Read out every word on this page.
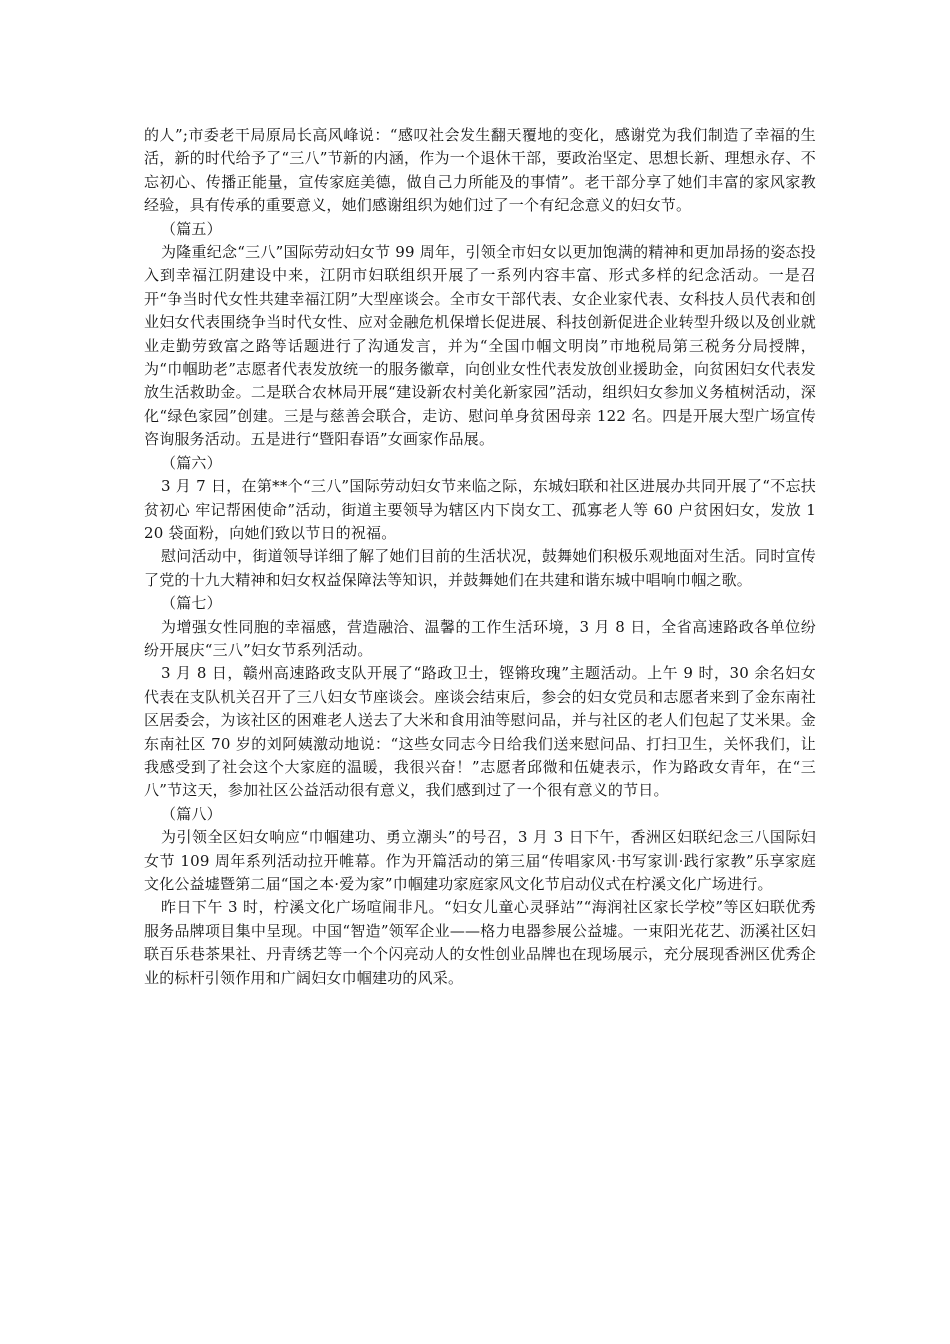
的人”;市委老干局原局长高风峰说：“感叹社会发生翻天覆地的变化，感谢党为我们制造了幸福的生活，新的时代给予了“三八”节新的内涵，作为一个退休干部，要政治坚定、思想长新、理想永存、不忘初心、传播正能量，宣传家庭美德，做自己力所能及的事情”。老干部分享了她们丰富的家风家教经验，具有传承的重要意义，她们感谢组织为她们过了一个有纪念意义的妇女节。

（篇五）

为隆重纪念“三八”国际劳动妇女节 99 周年，引领全市妇女以更加饱满的精神和更加昂扬的姿态投入到幸福江阴建设中来，江阴市妇联组织开展了一系列内容丰富、形式多样的纪念活动。一是召开“争当时代女性共建幸福江阴”大型座谈会。全市女干部代表、女企业家代表、女科技人员代表和创业妇女代表围绕争当时代女性、应对金融危机保增长促进展、科技创新促进企业转型升级以及创业就业走勤劳致富之路等话题进行了沟通发言，并为“全国巾帼文明岗”市地税局第三税务分局授牌，为“巾帼助老”志愿者代表发放统一的服务徽章，向创业女性代表发放创业援助金，向贫困妇女代表发放生活救助金。二是联合农林局开展“建设新农村美化新家园”活动，组织妇女参加义务植树活动，深化“绿色家园”创建。三是与慈善会联合，走访、慰问单身贫困母亲 122 名。四是开展大型广场宣传咨询服务活动。五是进行“暨阳春语”女画家作品展。

（篇六）

3 月 7 日，在第**个“三八”国际劳动妇女节来临之际，东城妇联和社区进展办共同开展了“不忘扶贫初心 牢记帮困使命”活动，街道主要领导为辖区内下岗女工、孤寡老人等 60 户贫困妇女，发放 120 袋面粉，向她们致以节日的祝福。

慰问活动中，街道领导详细了解了她们目前的生活状况，鼓舞她们积极乐观地面对生活。同时宣传了党的十九大精神和妇女权益保障法等知识，并鼓舞她们在共建和谐东城中唱响巾帼之歌。

（篇七）

为增强女性同胞的幸福感，营造融洽、温馨的工作生活环境，3 月 8 日，全省高速路政各单位纷纷开展庆“三八”妇女节系列活动。

3 月 8 日，赣州高速路政支队开展了“路政卫士，铿锵玫瑰”主题活动。上午 9 时，30 余名妇女代表在支队机关召开了三八妇女节座谈会。座谈会结束后，参会的妇女党员和志愿者来到了金东南社区居委会，为该社区的困难老人送去了大米和食用油等慰问品，并与社区的老人们包起了艾米果。金东南社区 70 岁的刘阿姨激动地说：“这些女同志今日给我们送来慰问品、打扫卫生，关怀我们，让我感受到了社会这个大家庭的温暖，我很兴奋！”志愿者邱微和伍婕表示，作为路政女青年，在“三八”节这天，参加社区公益活动很有意义，我们感到过了一个很有意义的节日。

（篇八）

为引领全区妇女响应“巾帼建功、勇立潮头”的号召，3 月 3 日下午，香洲区妇联纪念三八国际妇女节 109 周年系列活动拉开帷幕。作为开篇活动的第三届“传唱家风·书写家训·践行家教”乐享家庭文化公益墟暨第二届“国之本·爱为家”巾帼建功家庭家风文化节启动仪式在柠溪文化广场进行。

昨日下午 3 时，柠溪文化广场喧闹非凡。“妇女儿童心灵驿站”“海润社区家长学校”等区妇联优秀服务品牌项目集中呈现。中国“智造”领军企业——格力电器参展公益墟。一束阳光花艺、沥溪社区妇联百乐巷茶果社、丹青绣艺等一个个闪亮动人的女性创业品牌也在现场展示，充分展现香洲区优秀企业的标杆引领作用和广阔妇女巾帼建功的风采。
